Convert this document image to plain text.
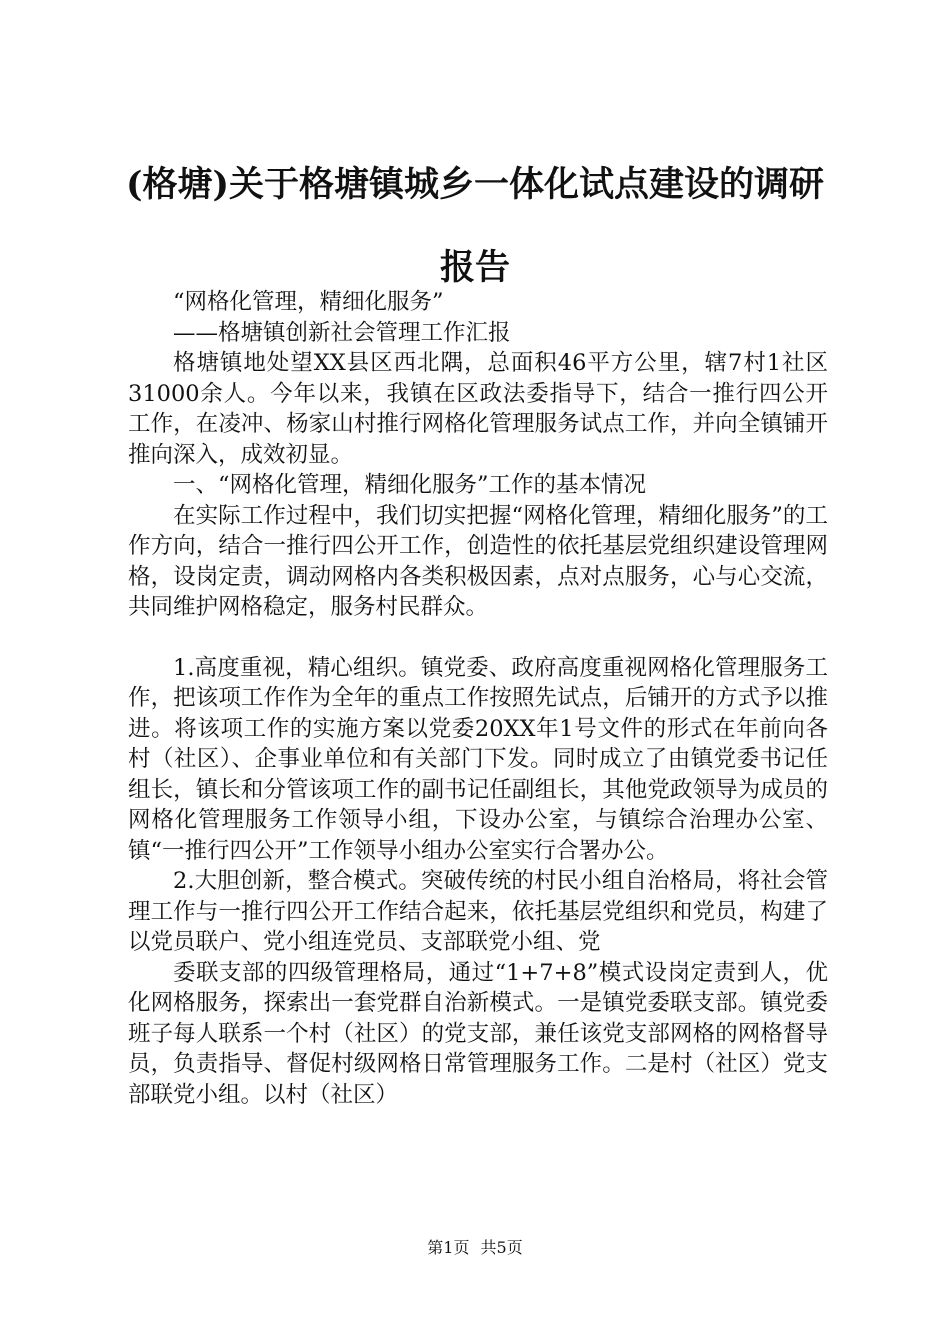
(格塘)关于格塘镇城乡一体化试点建设的调研
报告

“网格化管理，精细化服务”

——格塘镇创新社会管理工作汇报

格塘镇地处望XX县区西北隅，总面积46平方公里，辖7村1社区31000余人。今年以来，我镇在区政法委指导下，结合一推行四公开工作，在凌冲、杨家山村推行网格化管理服务试点工作，并向全镇铺开推向深入，成效初显。

一、“网格化管理，精细化服务”工作的基本情况

在实际工作过程中，我们切实把握“网格化管理，精细化服务”的工作方向，结合一推行四公开工作，创造性的依托基层党组织建设管理网格，设岗定责，调动网格内各类积极因素，点对点服务，心与心交流，共同维护网格稳定，服务村民群众。

1.高度重视，精心组织。镇党委、政府高度重视网格化管理服务工作，把该项工作作为全年的重点工作按照先试点，后铺开的方式予以推进。将该项工作的实施方案以党委20XX年1号文件的形式在年前向各村（社区）、企事业单位和有关部门下发。同时成立了由镇党委书记任组长，镇长和分管该项工作的副书记任副组长，其他党政领导为成员的网格化管理服务工作领导小组，下设办公室，与镇综合治理办公室、镇“一推行四公开”工作领导小组办公室实行合署办公。

2.大胆创新，整合模式。突破传统的村民小组自治格局，将社会管理工作与一推行四公开工作结合起来，依托基层党组织和党员，构建了以党员联户、党小组连党员、支部联党小组、党

委联支部的四级管理格局，通过“1+7+8”模式设岗定责到人，优化网格服务，探索出一套党群自治新模式。一是镇党委联支部。镇党委班子每人联系一个村（社区）的党支部，兼任该党支部网格的网格督导员，负责指导、督促村级网格日常管理服务工作。二是村（社区）党支部联党小组。以村（社区）

第1页 共5页
